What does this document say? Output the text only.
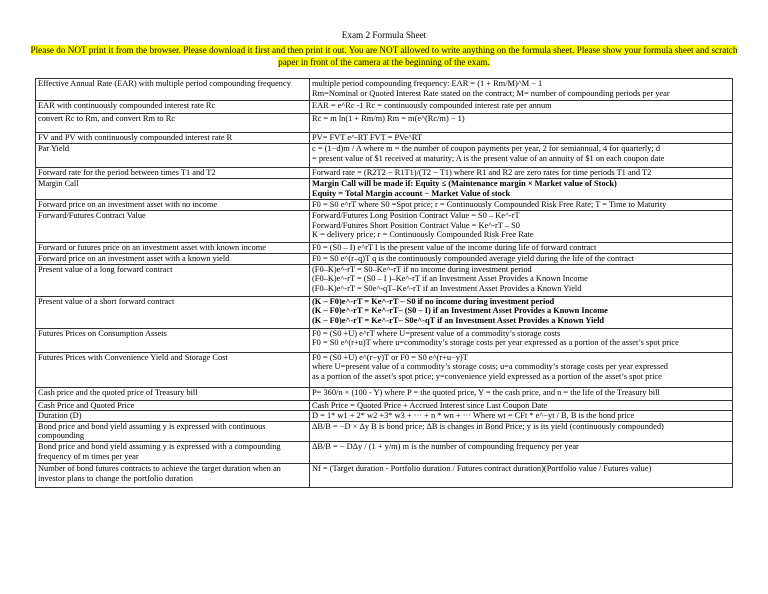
Exam 2 Formula Sheet
Please do NOT print it from the browser. Please download it first and then print it out. You are NOT allowed to write anything on the formula sheet. Please show your formula sheet and scratch paper in front of the camera at the beginning of the exam.
Effective Annual Rate (EAR) with multiple period compounding frequency	multiple period compounding frequency: EAR = (1 + Rm/M)^M − 1
Rm=Nominal or Quoted Interest Rate stated on the contract; M= number of compounding periods per year

EAR with continuously compounded interest rate Rc	EAR = e^Rc -1 Rc = continuously compounded interest rate per annum

convert Rc to Rm, and convert Rm to Rc	Rc = m ln(1 + Rm/m) Rm = m(e^(Rc/m) − 1)

FV and PV with continuously compounded interest rate R	PV= FVT e^-RT FVT = PVe^RT

Par Yield	c = (1−d)m / A where m = the number of coupon payments per year, 2 for semiannual, 4 for quarterly; d
= present value of $1 received at maturity; A is the present value of an annuity of $1 on each coupon date

Forward rate for the period between times T1 and T2	Forward rate = (R2T2 − R1T1)/(T2 − T1) where R1 and R2 are zero rates for time periods T1 and T2

Margin Call	Margin Call will be made if: Equity ≤ (Maintenance margin × Market value of Stock)
Equity = Total Margin account − Market Value of stock

Forward price on an investment asset with no income	F0 = S0 e^rT where S0 =Spot price; r = Continuously Compounded Risk Free Rate; T = Time to Maturity

Forward/Futures Contract Value	Forward/Futures Long Position Contract Value = S0 – Ke^-rT
Forward/Futures Short Position Contract Value = Ke^-rT – S0
K = delivery price; r = Continuously Compounded Risk Free Rate

Forward or futures price on an investment asset with known income	F0 = (S0 – I) e^rT I is the present value of the income during life of forward contract

Forward price on an investment asset with a known yield	F0 = S0 e^(r–q)T q is the continuously compounded average yield during the life of the contract

Present value of a long forward contract	(F0–K)e^-rT = S0–Ke^-rT if no income during investment period
(F0–K)e^-rT = (S0 – I )–Ke^-rT if an Investment Asset Provides a Known Income
(F0–K)e^-rT = S0e^-qT–Ke^-rT if an Investment Asset Provides a Known Yield

Present value of a short forward contract	(K – F0)e^-rT = Ke^-rT – S0 if no income during investment period
(K – F0)e^-rT = Ke^-rT– (S0 – I) if an Investment Asset Provides a Known Income
(K – F0)e^-rT = Ke^-rT– S0e^-qT if an Investment Asset Provides a Known Yield

Futures Prices on Consumption Assets	F0 = (S0 +U) e^rT where U=present value of a commodity’s storage costs
F0 = S0 e^(r+u)T where u=commodity’s storage costs per year expressed as a portion of the asset’s spot price

Futures Prices with Convenience Yield and Storage Cost	F0 = (S0 +U) e^(r−y)T or F0 = S0 e^(r+u−y)T
where U=present value of a commodity’s storage costs; u=a commodity’s storage costs per year expressed
as a portion of the asset’s spot price; y=convenience yield expressed as a portion of the asset’s spot price

Cash price and the quoted price of Treasury bill	P= 360/n × (100 - Y) where P = the quoted price, Y = the cash price, and n = the life of the Treasury bill

Cash Price and Quoted Price	Cash Price = Quoted Price + Accrued Interest since Last Coupon Date

Duration (D)	D = 1* w1 + 2* w2 +3* w3 + ··· + n * wn + ··· Where wt = CFt * e^−yt / B, B is the bond price

Bond price and bond yield assuming y is expressed with continuous compounding	ΔB/B = −D × Δy B is bond price; ΔB is changes in Bond Price; y is its yield (continuously compounded)

Bond price and bond yield assuming y is expressed with a compounding frequency of m times per year	ΔB/B = − DΔy / (1 + y/m) m is the number of compounding frequency per year

Number of bond futures contracts to achieve the target duration when an investor plans to change the portfolio duration	Nf = (Target duration - Portfolio duration / Futures contract duration)(Portfolio value / Futures value)
